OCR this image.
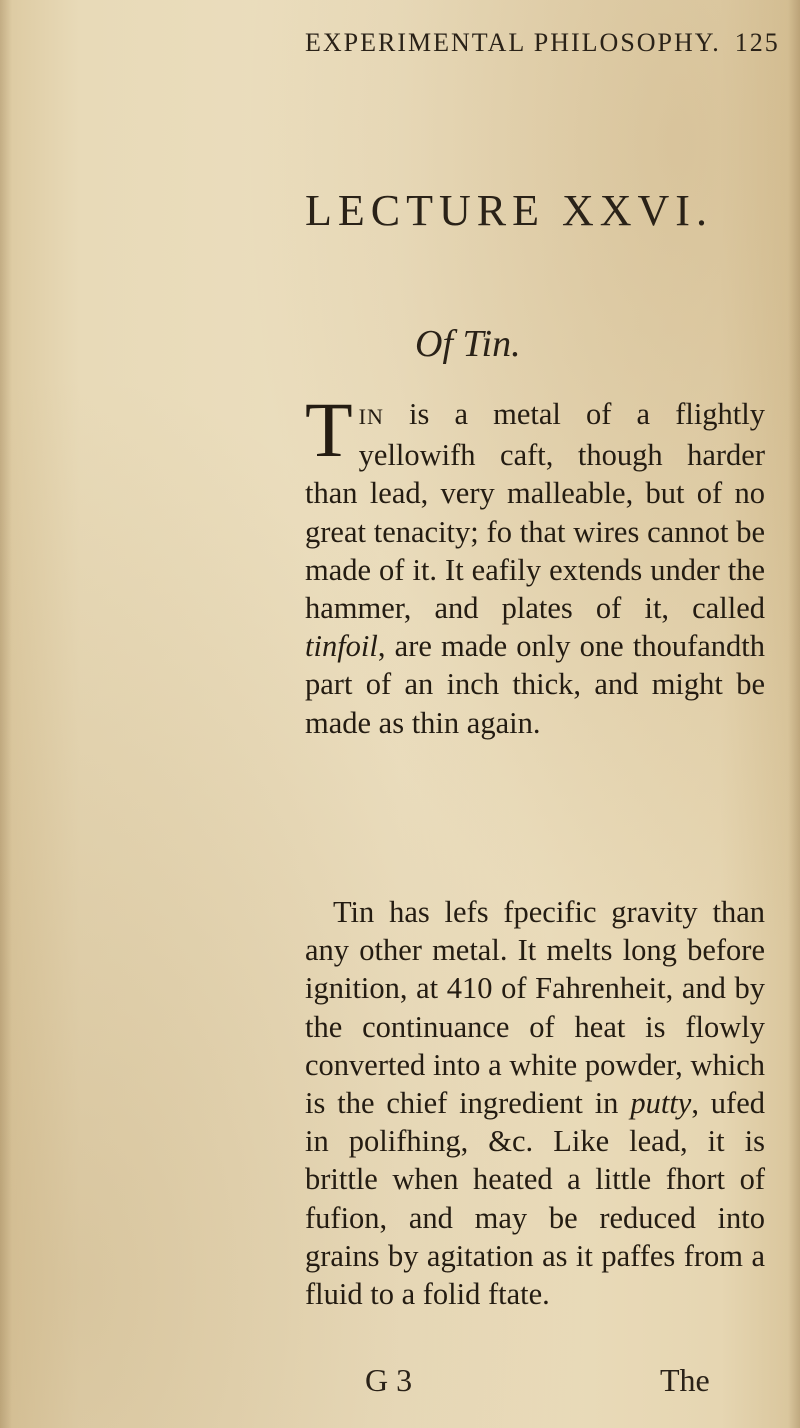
EXPERIMENTAL PHILOSOPHY. 125
LECTURE XXVI.
Of Tin.
TIN is a metal of a flightly yellowifh caft, though harder than lead, very malleable, but of no great tenacity; fo that wires cannot be made of it. It eafily extends under the hammer, and plates of it, called tinfoil, are made only one thoufandth part of an inch thick, and might be made as thin again.
Tin has lefs fpecific gravity than any other metal. It melts long before ignition, at 410 of Fahrenheit, and by the continuance of heat is flowly converted into a white powder, which is the chief ingredient in putty, ufed in polifhing, &c. Like lead, it is brittle when heated a little fhort of fufion, and may be reduced into grains by agitation as it paffes from a fluid to a folid ftate.
G 3	The
